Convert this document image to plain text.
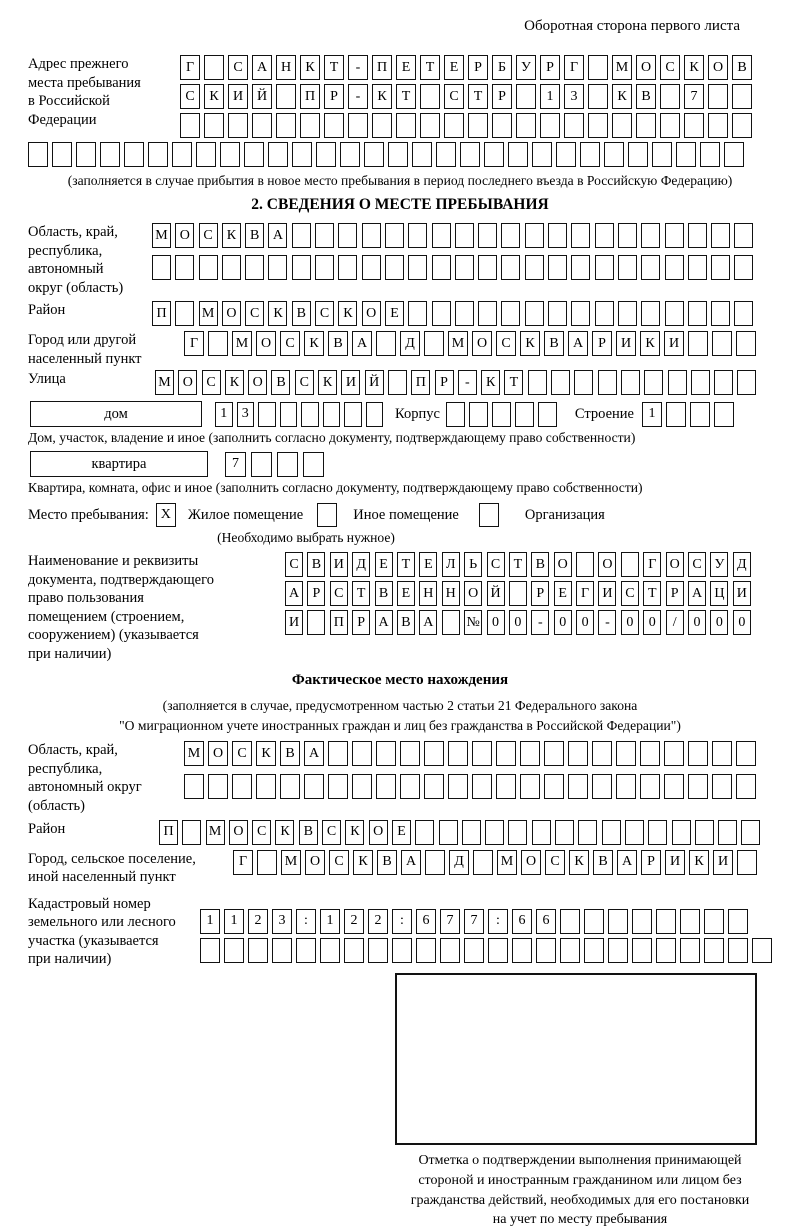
Оборотная сторона первого листа
Адрес прежнего
места пребывания
в Российской
Федерации
Г	С	А Н	К	Т	-	П	Е	Т	Е	Р	Б	У	Р	Г	М О	С	К	О	В
С	К	И Й	П	Р	-	К	Т	С	Т	Р	1	3	К	В	7
(заполняется в случае прибытия в новое место пребывания в период последнего въезда в Российскую Федерацию)
2. СВЕДЕНИЯ О МЕСТЕ ПРЕБЫВАНИЯ
Область, край,
республика,
автономный
округ (область)
М О С К В А
Район	П	М О С К В С К О Е
Город или другой
населенный пункт
Г	М О	С	К	В	А	Д	М О	С	К	В	А	Р	И	К	И
Улица	М О С К О В С К И Й	П	Р	-	К	Т
дом	1	3	Корпус	Строение	1
Дом, участок, владение и иное (заполнить согласно документу, подтверждающему право собственности)
квартира	7
Квартира, комната, офис и иное (заполнить согласно документу, подтверждающему право собственности)
Место пребывания: X	Жилое помещение	Иное помещение	Организация
(Необходимо выбрать нужное)
Наименование и реквизиты
документа, подтверждающего
право пользования
помещением (строением,
сооружением) (указывается
при наличии)
С В И Д Е Т Е Л Ь С Т В О О	Г О С У Д
А Р С Т В Е Н Н О Й	Р	Е	Г И С Т	Р А Ц И
И П Р А В А № 0	0	-	0	0	-	0	0	/	0	0	0
Фактическое место нахождения
(заполняется в случае, предусмотренном частью 2 статьи 21 Федерального закона
"О миграционном учете иностранных граждан и лиц без гражданства в Российской Федерации")
Область, край,
республика,
автономный округ
(область)
М О	С	К	В	А
Район	П	М О С К В С К О Е
Город, сельское поселение,
иной населенный пункт
Г	М О	С	К	В	А	Д	М О	С	К	В	А	Р	И	К	И
Кадастровый номер
земельного или лесного
участка (указывается
при наличии)
1	1	2	3	:	1	2	2	:	6	7	7	:	6	6
Отметка о подтверждении выполнения принимающей
стороной и иностранным гражданином или лицом без
гражданства действий, необходимых для его постановки
на учет по месту пребывания
